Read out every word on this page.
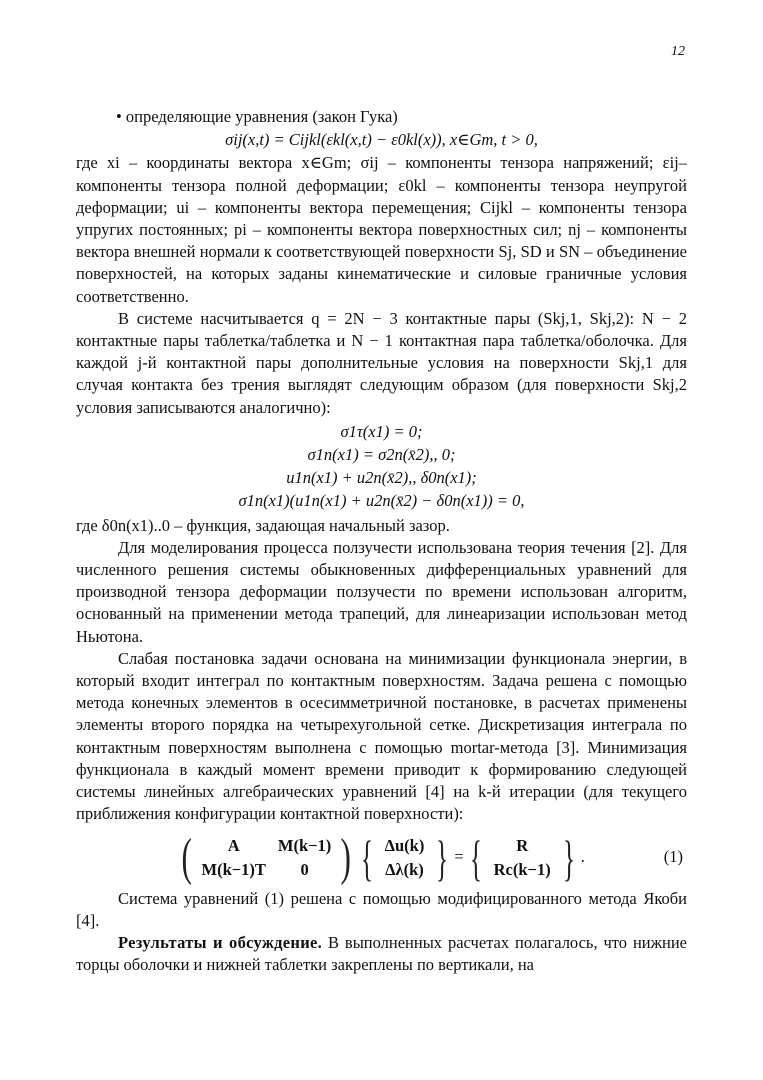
12

• определяющие уравнения (закон Гука)

σij(x,t) = Cijkl(εkl(x,t) − ε0kl(x)), x∈Gm, t > 0,

где xi – координаты вектора x∈Gm; σij – компоненты тензора напряжений; εij– компоненты тензора полной деформации; ε0kl – компоненты тензора неупругой деформации; ui – компоненты вектора перемещения; Cijkl – компоненты тензора упругих постоянных; pi – компоненты вектора поверхностных сил; nj – компоненты вектора внешней нормали к соответствующей поверхности Sj, SD и SN – объединение поверхностей, на которых заданы кинематические и силовые граничные условия соответственно.

В системе насчитывается q = 2N − 3 контактные пары (Skj,1, Skj,2): N − 2 контактные пары таблетка/таблетка и N − 1 контактная пара таблетка/оболочка. Для каждой j-й контактной пары дополнительные условия на поверхности Skj,1 для случая контакта без трения выглядят следующим образом (для поверхности Skj,2 условия записываются аналогично):

σ1τ(x1) = 0;

σ1n(x1) = σ2n(x̄2),, 0;

u1n(x1) + u2n(x̄2),, δ0n(x1);

σ1n(x1)(u1n(x1) + u2n(x̄2) − δ0n(x1)) = 0,

где δ0n(x1)..0 – функция, задающая начальный зазор.

Для моделирования процесса ползучести использована теория течения [2]. Для численного решения системы обыкновенных дифференциальных уравнений для производной тензора деформации ползучести по времени использован алгоритм, основанный на применении метода трапеций, для линеаризации использован метод Ньютона.

Слабая постановка задачи основана на минимизации функционала энергии, в который входит интеграл по контактным поверхностям. Задача решена с помощью метода конечных элементов в осесимметричной постановке, в расчетах применены элементы второго порядка на четырехугольной сетке. Дискретизация интеграла по контактным поверхностям выполнена с помощью mortar-метода [3]. Минимизация функционала в каждый момент времени приводит к формированию следующей системы линейных алгебраических уравнений [4] на k-й итерации (для текущего приближения конфигурации контактной поверхности):

( A
M(k−1)T
M(k−1)
0 ) { Δu(k)
Δλ(k) } = { R
Rc(k−1) } .	(1)

Система уравнений (1) решена с помощью модифицированного метода Якоби [4].

Результаты и обсуждение. В выполненных расчетах полагалось, что нижние торцы оболочки и нижней таблетки закреплены по вертикали, на
